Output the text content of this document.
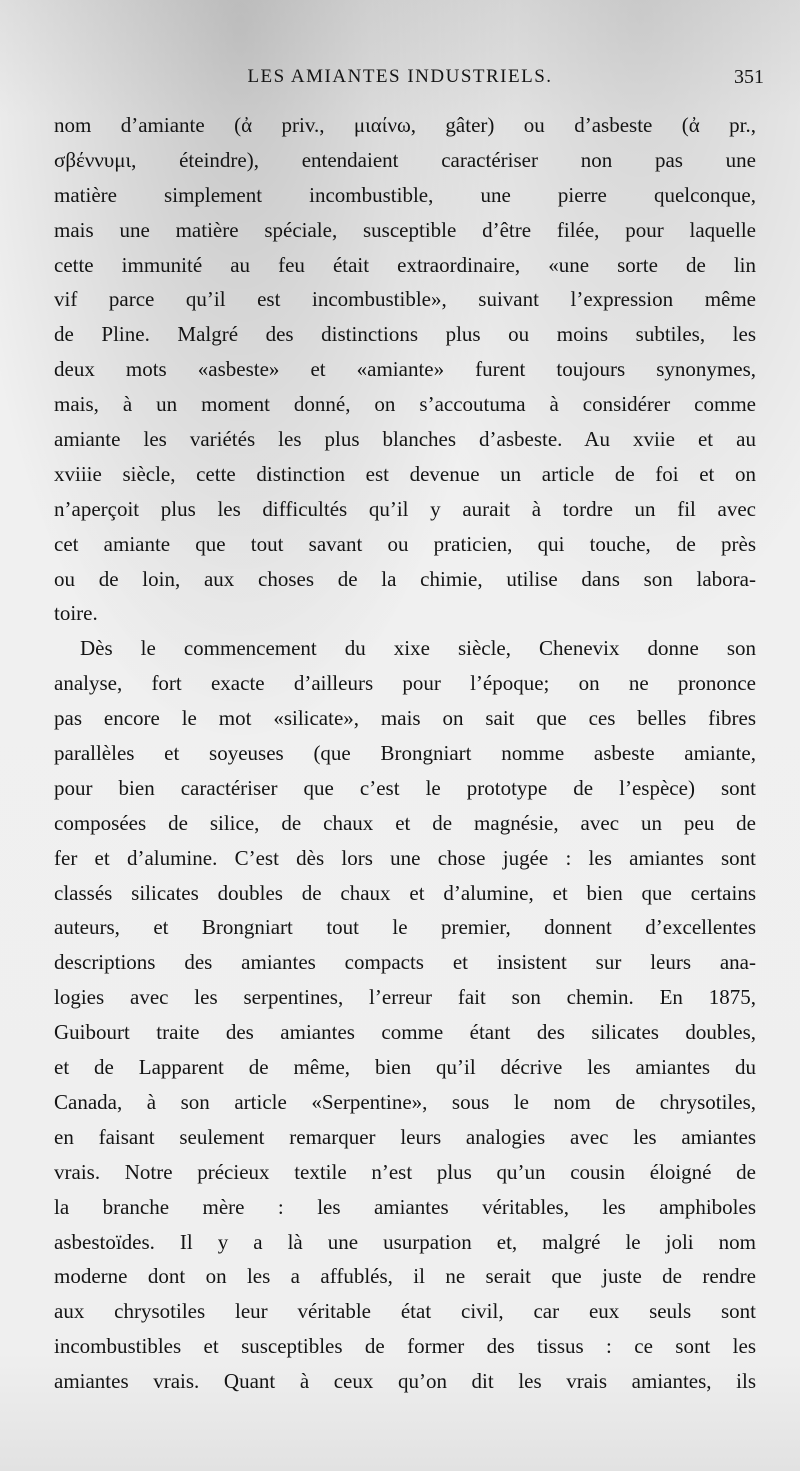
LES AMIANTES INDUSTRIELS.	351
nom d’amiante (ἀ priv., μιαίνω, gâter) ou d’asbeste (ἀ pr.,
σβέννυμι, éteindre), entendaient caractériser non pas une
matière simplement incombustible, une pierre quelconque,
mais une matière spéciale, susceptible d’être filée, pour laquelle
cette immunité au feu était extraordinaire, «une sorte de lin
vif parce qu’il est incombustible», suivant l’expression même
de Pline. Malgré des distinctions plus ou moins subtiles, les
deux mots «asbeste» et «amiante» furent toujours synonymes,
mais, à un moment donné, on s’accoutuma à considérer comme
amiante les variétés les plus blanches d’asbeste. Au xviie et au
xviiie siècle, cette distinction est devenue un article de foi et on
n’aperçoit plus les difficultés qu’il y aurait à tordre un fil avec
cet amiante que tout savant ou praticien, qui touche, de près
ou de loin, aux choses de la chimie, utilise dans son labora-
toire.
Dès le commencement du xixe siècle, Chenevix donne son
analyse, fort exacte d’ailleurs pour l’époque; on ne prononce
pas encore le mot «silicate», mais on sait que ces belles fibres
parallèles et soyeuses (que Brongniart nomme asbeste amiante,
pour bien caractériser que c’est le prototype de l’espèce) sont
composées de silice, de chaux et de magnésie, avec un peu de
fer et d’alumine. C’est dès lors une chose jugée : les amiantes sont
classés silicates doubles de chaux et d’alumine, et bien que certains
auteurs, et Brongniart tout le premier, donnent d’excellentes
descriptions des amiantes compacts et insistent sur leurs ana-
logies avec les serpentines, l’erreur fait son chemin. En 1875,
Guibourt traite des amiantes comme étant des silicates doubles,
et de Lapparent de même, bien qu’il décrive les amiantes du
Canada, à son article «Serpentine», sous le nom de chrysotiles,
en faisant seulement remarquer leurs analogies avec les amiantes
vrais. Notre précieux textile n’est plus qu’un cousin éloigné de
la branche mère : les amiantes véritables, les amphiboles
asbestoïdes. Il y a là une usurpation et, malgré le joli nom
moderne dont on les a affublés, il ne serait que juste de rendre
aux chrysotiles leur véritable état civil, car eux seuls sont
incombustibles et susceptibles de former des tissus : ce sont les
amiantes vrais. Quant à ceux qu’on dit les vrais amiantes, ils
